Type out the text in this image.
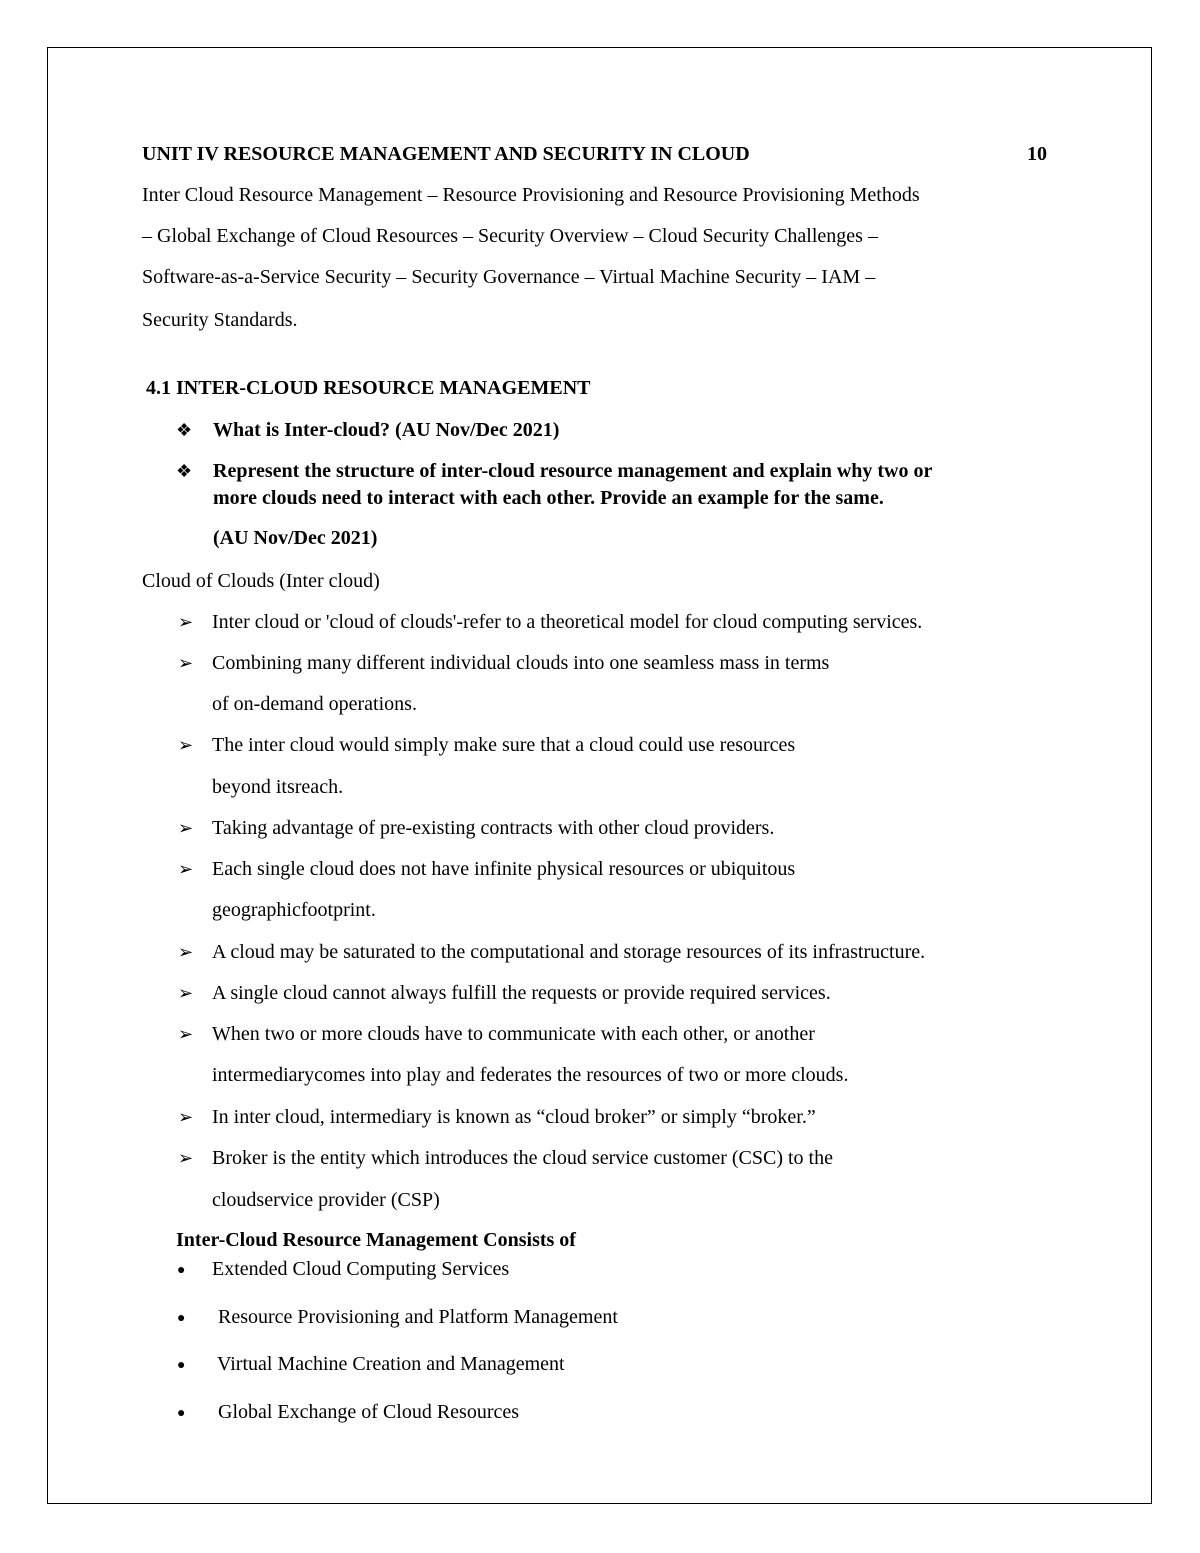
UNIT IV RESOURCE MANAGEMENT AND SECURITY IN CLOUD	10
Inter Cloud Resource Management – Resource Provisioning and Resource Provisioning Methods
– Global Exchange of Cloud Resources – Security Overview – Cloud Security Challenges –
Software-as-a-Service Security – Security Governance – Virtual Machine Security – IAM –
Security Standards.
4.1 INTER-CLOUD RESOURCE MANAGEMENT
❖ What is Inter-cloud? (AU Nov/Dec 2021)
❖ Represent the structure of inter-cloud resource management and explain why two or
more clouds need to interact with each other. Provide an example for the same.
(AU Nov/Dec 2021)
Cloud of Clouds (Inter cloud)
➢ Inter cloud or 'cloud of clouds'-refer to a theoretical model for cloud computing services.
➢ Combining many different individual clouds into one seamless mass in terms
of on-demand operations.
➢ The inter cloud would simply make sure that a cloud could use resources
beyond itsreach.
➢ Taking advantage of pre-existing contracts with other cloud providers.
➢ Each single cloud does not have infinite physical resources or ubiquitous
geographicfootprint.
➢ A cloud may be saturated to the computational and storage resources of its infrastructure.
➢ A single cloud cannot always fulfill the requests or provide required services.
➢ When two or more clouds have to communicate with each other, or another
intermediarycomes into play and federates the resources of two or more clouds.
➢ In inter cloud, intermediary is known as “cloud broker” or simply “broker.”
➢ Broker is the entity which introduces the cloud service customer (CSC) to the
cloudservice provider (CSP)
Inter-Cloud Resource Management Consists of
● Extended Cloud Computing Services
● Resource Provisioning and Platform Management
● Virtual Machine Creation and Management
● Global Exchange of Cloud Resources
